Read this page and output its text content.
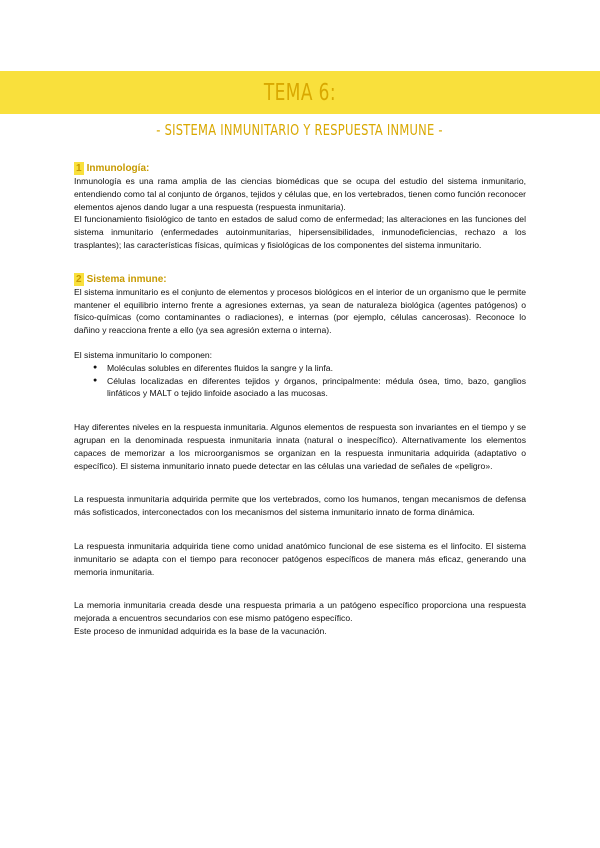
TEMA 6:
- SISTEMA INMUNITARIO Y RESPUESTA INMUNE -
1 Inmunología:

Inmunología es una rama amplia de las ciencias biomédicas que se ocupa del estudio del sistema inmunitario, entendiendo como tal al conjunto de órganos, tejidos y células que, en los vertebrados, tienen como función reconocer elementos ajenos dando lugar a una respuesta (respuesta inmunitaria).

El funcionamiento fisiológico de tanto en estados de salud como de enfermedad; las alteraciones en las funciones del sistema inmunitario (enfermedades autoinmunitarias, hipersensibilidades, inmunodeficiencias, rechazo a los trasplantes); las características físicas, químicas y fisiológicas de los componentes del sistema inmunitario.

2 Sistema inmune:

El sistema inmunitario es el conjunto de elementos y procesos biológicos en el interior de un organismo que le permite mantener el equilibrio interno frente a agresiones externas, ya sean de naturaleza biológica (agentes patógenos) o físico-químicas (como contaminantes o radiaciones), e internas (por ejemplo, células cancerosas). Reconoce lo dañino y reacciona frente a ello (ya sea agresión externa o interna).

El sistema inmunitario lo componen:

● Moléculas solubles en diferentes fluidos la sangre y la linfa.
● Células localizadas en diferentes tejidos y órganos, principalmente: médula ósea, timo, bazo, ganglios linfáticos y MALT o tejido linfoide asociado a las mucosas.

Hay diferentes niveles en la respuesta inmunitaria. Algunos elementos de respuesta son invariantes en el tiempo y se agrupan en la denominada respuesta inmunitaria innata (natural o inespecífico). Alternativamente los elementos capaces de memorizar a los microorganismos se organizan en la respuesta inmunitaria adquirida (adaptativo o específico). El sistema inmunitario innato puede detectar en las células una variedad de señales de «peligro».

La respuesta inmunitaria adquirida permite que los vertebrados, como los humanos, tengan mecanismos de defensa más sofisticados, interconectados con los mecanismos del sistema inmunitario innato de forma dinámica.

La respuesta inmunitaria adquirida tiene como unidad anatómico funcional de ese sistema es el linfocito. El sistema inmunitario se adapta con el tiempo para reconocer patógenos específicos de manera más eficaz, generando una memoria inmunitaria.

La memoria inmunitaria creada desde una respuesta primaria a un patógeno específico proporciona una respuesta mejorada a encuentros secundarios con ese mismo patógeno específico.

Este proceso de inmunidad adquirida es la base de la vacunación.
